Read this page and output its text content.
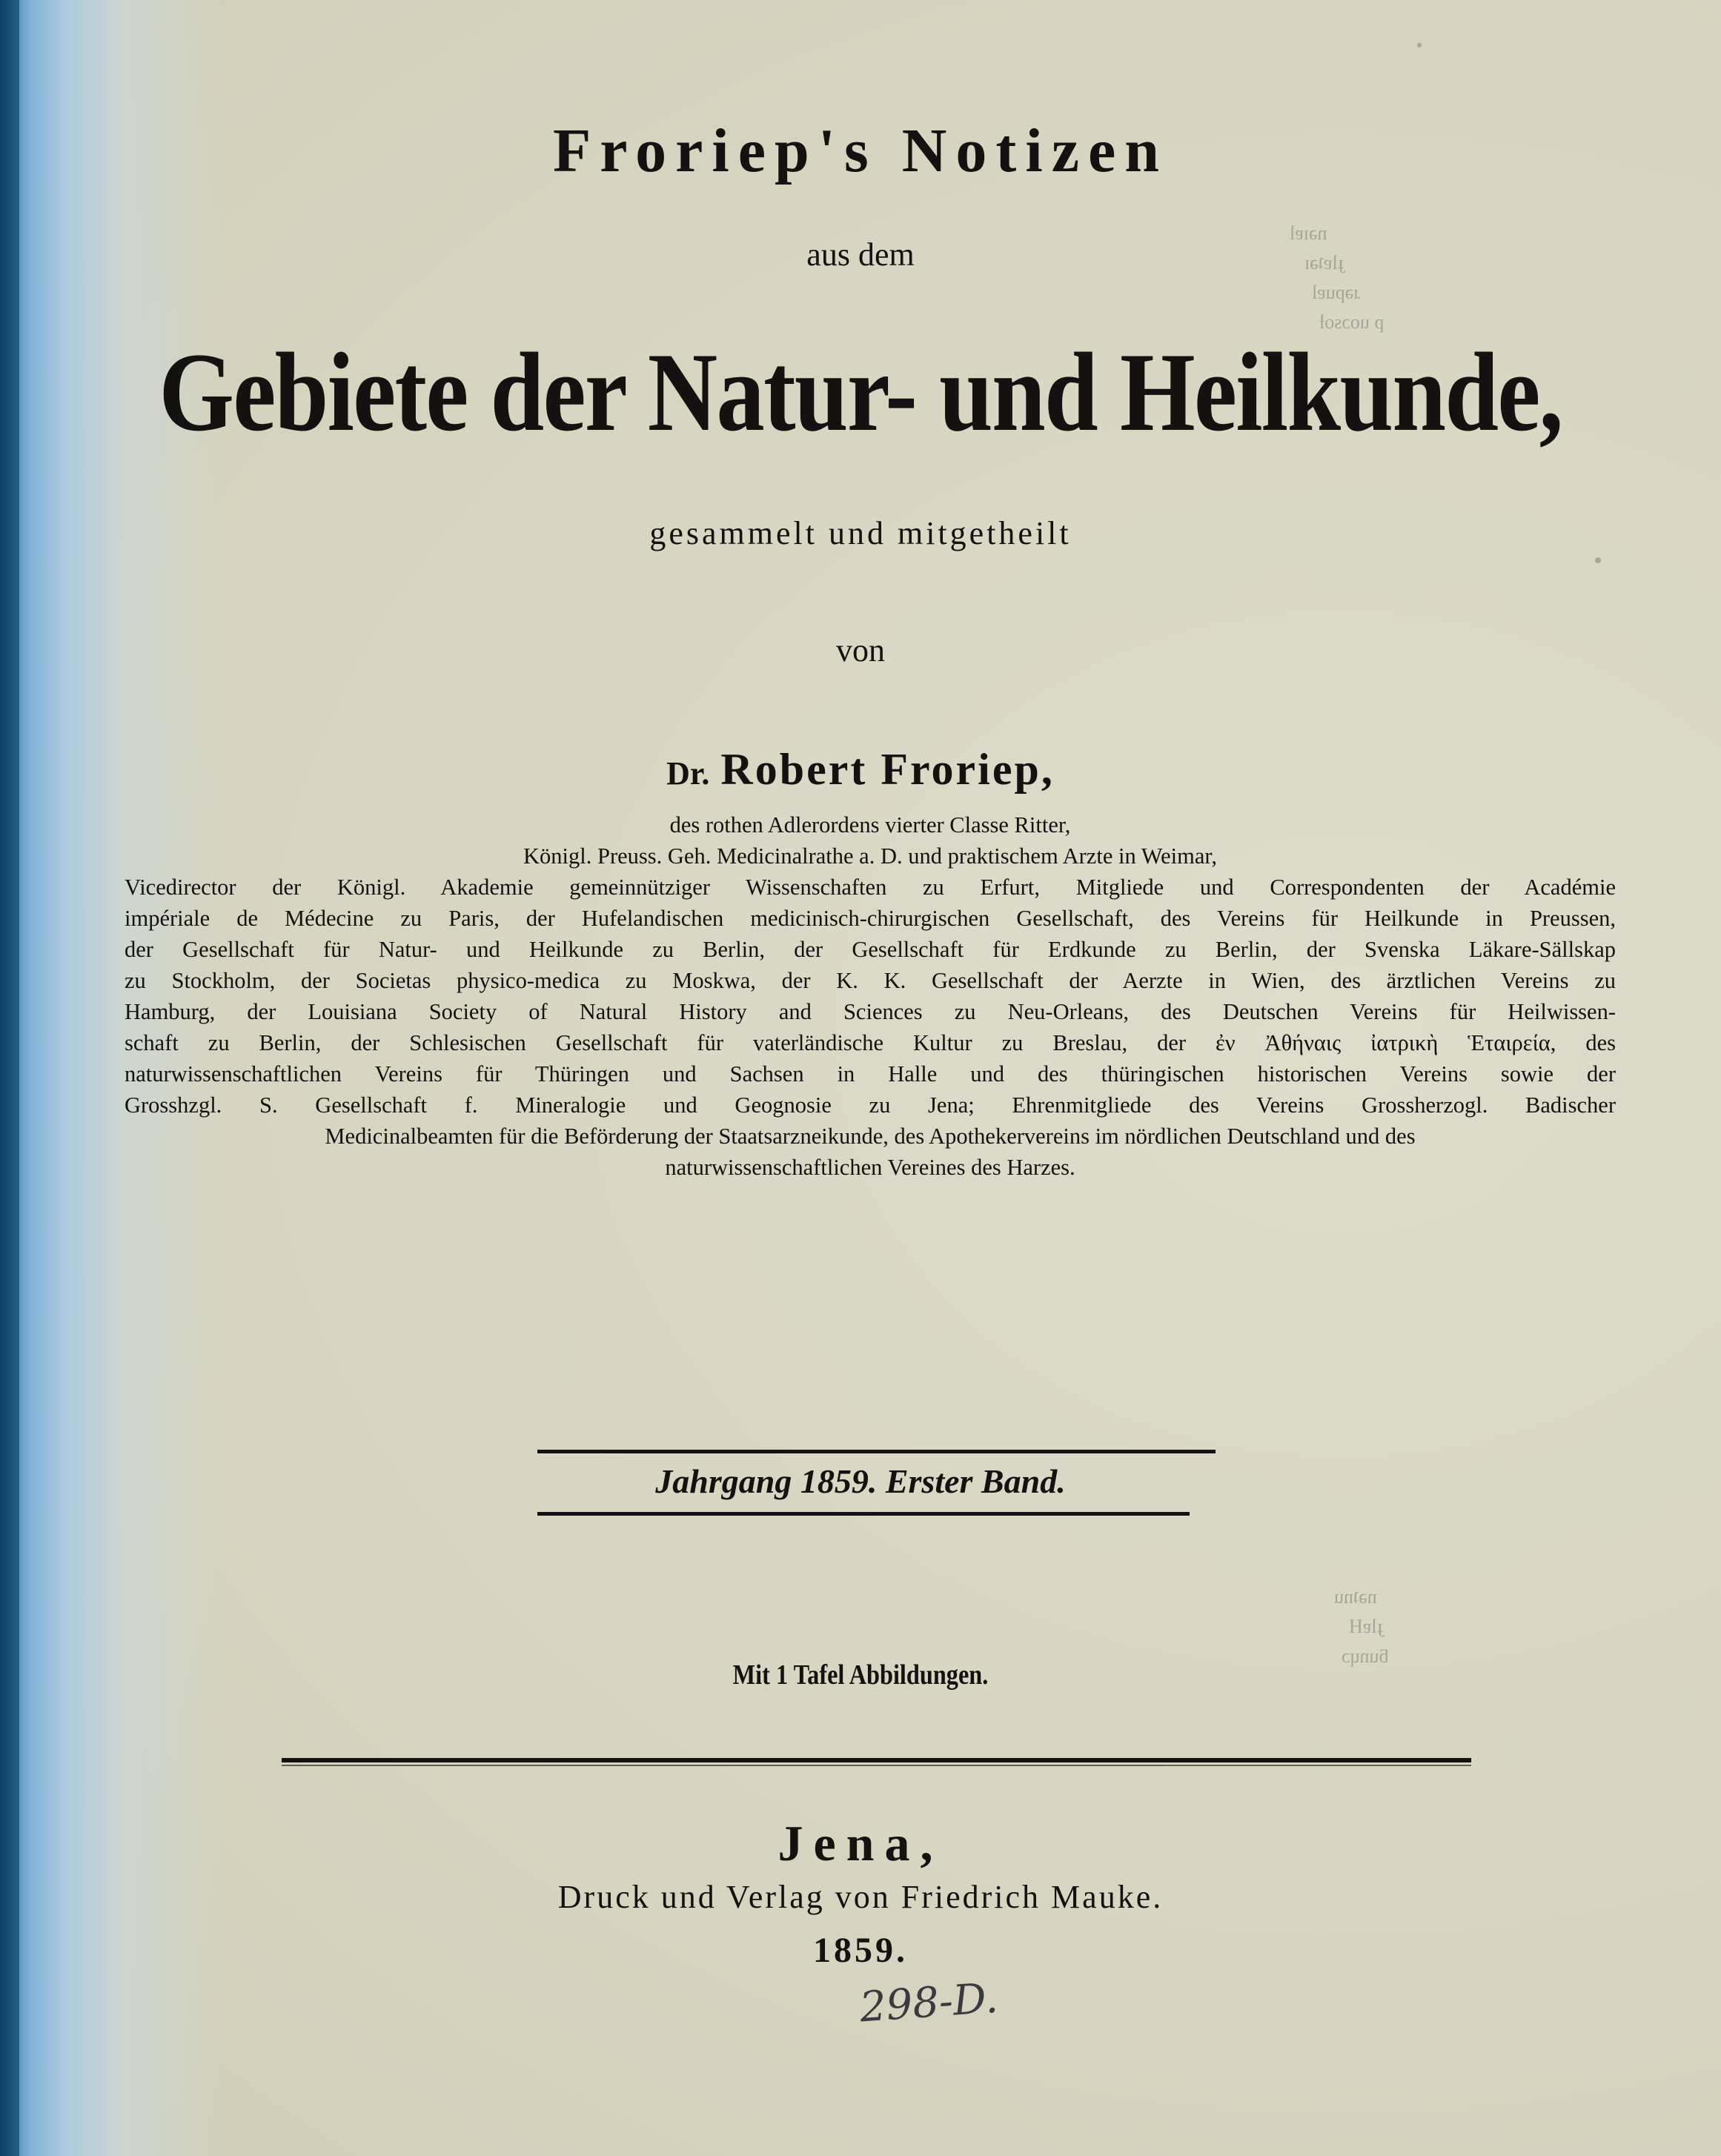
nəɪɐl
ɟlɐʇəɪ
ɹəpuɐl
p uoɔsoƚ
nəʇnu
ɟlɐH
ƃunɥɔ
Froriep's Notizen
aus dem
Gebiete der Natur- und Heilkunde,
gesammelt und mitgetheilt
von
Dr. Robert Froriep,
des rothen Adlerordens vierter Classe Ritter,
Königl. Preuss. Geh. Medicinalrathe a. D. und praktischem Arzte in Weimar,
Vicedirector der Königl. Akademie gemeinnütziger Wissenschaften zu Erfurt, Mitgliede und Correspondenten der Académie
impériale de Médecine zu Paris, der Hufelandischen medicinisch-chirurgischen Gesellschaft, des Vereins für Heilkunde in Preussen,
der Gesellschaft für Natur- und Heilkunde zu Berlin, der Gesellschaft für Erdkunde zu Berlin, der Svenska Läkare-Sällskap
zu Stockholm, der Societas physico-medica zu Moskwa, der K. K. Gesellschaft der Aerzte in Wien, des ärztlichen Vereins zu
Hamburg, der Louisiana Society of Natural History and Sciences zu Neu-Orleans, des Deutschen Vereins für Heilwissen-
schaft zu Berlin, der Schlesischen Gesellschaft für vaterländische Kultur zu Breslau, der ἐν Ἀθήναις ἰατρικὴ Ἑταιρεία, des
naturwissenschaftlichen Vereins für Thüringen und Sachsen in Halle und des thüringischen historischen Vereins sowie der
Grosshzgl. S. Gesellschaft f. Mineralogie und Geognosie zu Jena; Ehrenmitgliede des Vereins Grossherzogl. Badischer
Medicinalbeamten für die Beförderung der Staatsarzneikunde, des Apothekervereins im nördlichen Deutschland und des
naturwissenschaftlichen Vereines des Harzes.
Jahrgang 1859. Erster Band.
Mit 1 Tafel Abbildungen.
Jena,
Druck und Verlag von Friedrich Mauke.
1859.
298-D.
